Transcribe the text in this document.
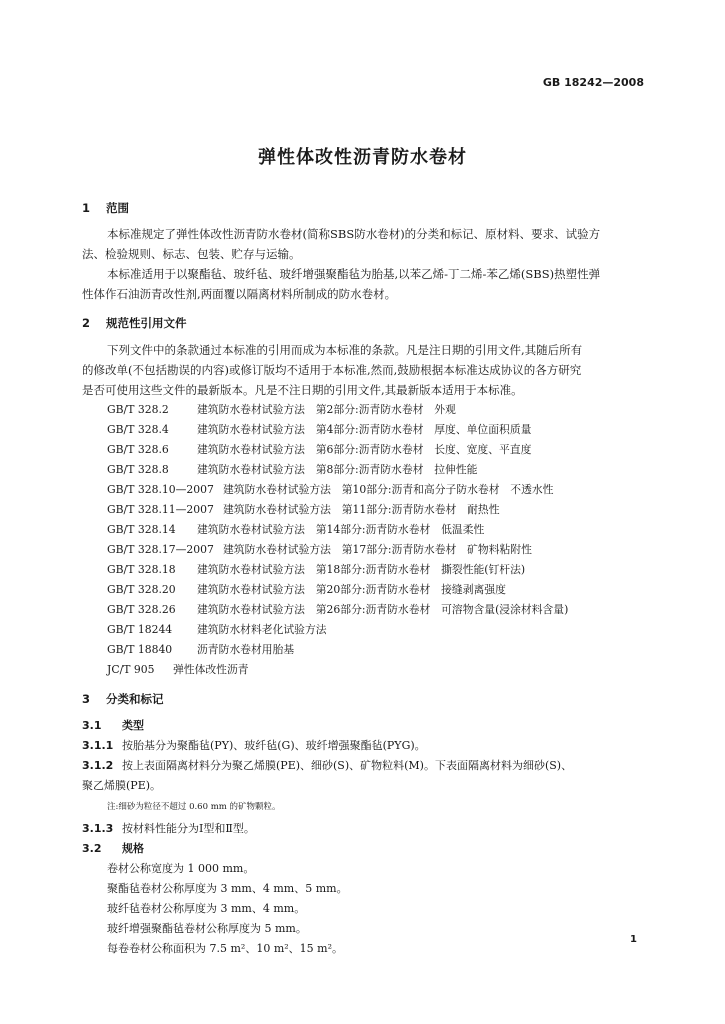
GB 18242—2008
弹性体改性沥青防水卷材
1 范围
本标准规定了弹性体改性沥青防水卷材(简称SBS防水卷材)的分类和标记、原材料、要求、试验方
法、检验规则、标志、包装、贮存与运输。
本标准适用于以聚酯毡、玻纤毡、玻纤增强聚酯毡为胎基,以苯乙烯-丁二烯-苯乙烯(SBS)热塑性弹
性体作石油沥青改性剂,两面覆以隔离材料所制成的防水卷材。
2 规范性引用文件
下列文件中的条款通过本标准的引用而成为本标准的条款。凡是注日期的引用文件,其随后所有
的修改单(不包括勘误的内容)或修订版均不适用于本标准,然而,鼓励根据本标准达成协议的各方研究
是否可使用这些文件的最新版本。凡是不注日期的引用文件,其最新版本适用于本标准。
GB/T 328.2	建筑防水卷材试验方法　第2部分:沥青防水卷材　外观
GB/T 328.4	建筑防水卷材试验方法　第4部分:沥青防水卷材　厚度、单位面积质量
GB/T 328.6	建筑防水卷材试验方法　第6部分:沥青防水卷材　长度、宽度、平直度
GB/T 328.8	建筑防水卷材试验方法　第8部分:沥青防水卷材　拉伸性能
GB/T 328.10—2007 建筑防水卷材试验方法　第10部分:沥青和高分子防水卷材　不透水性
GB/T 328.11—2007 建筑防水卷材试验方法　第11部分:沥青防水卷材　耐热性
GB/T 328.14 建筑防水卷材试验方法　第14部分:沥青防水卷材　低温柔性
GB/T 328.17—2007 建筑防水卷材试验方法　第17部分:沥青防水卷材　矿物料粘附性
GB/T 328.18 建筑防水卷材试验方法　第18部分:沥青防水卷材　撕裂性能(钉杆法)
GB/T 328.20 建筑防水卷材试验方法　第20部分:沥青防水卷材　接缝剥离强度
GB/T 328.26 建筑防水卷材试验方法　第26部分:沥青防水卷材　可溶物含量(浸涂材料含量)
GB/T 18244 建筑防水材料老化试验方法
GB/T 18840 沥青防水卷材用胎基
JC/T 905 弹性体改性沥青
3 分类和标记
3.1 类型
3.1.1 按胎基分为聚酯毡(PY)、玻纤毡(G)、玻纤增强聚酯毡(PYG)。
3.1.2 按上表面隔离材料分为聚乙烯膜(PE)、细砂(S)、矿物粒料(M)。下表面隔离材料为细砂(S)、
聚乙烯膜(PE)。
注:细砂为粒径不超过 0.60 mm 的矿物颗粒。
3.1.3 按材料性能分为Ⅰ型和Ⅱ型。
3.2 规格
卷材公称宽度为 1 000 mm。
聚酯毡卷材公称厚度为 3 mm、4 mm、5 mm。
玻纤毡卷材公称厚度为 3 mm、4 mm。
玻纤增强聚酯毡卷材公称厚度为 5 mm。
每卷卷材公称面积为 7.5 m²、10 m²、15 m²。
1
